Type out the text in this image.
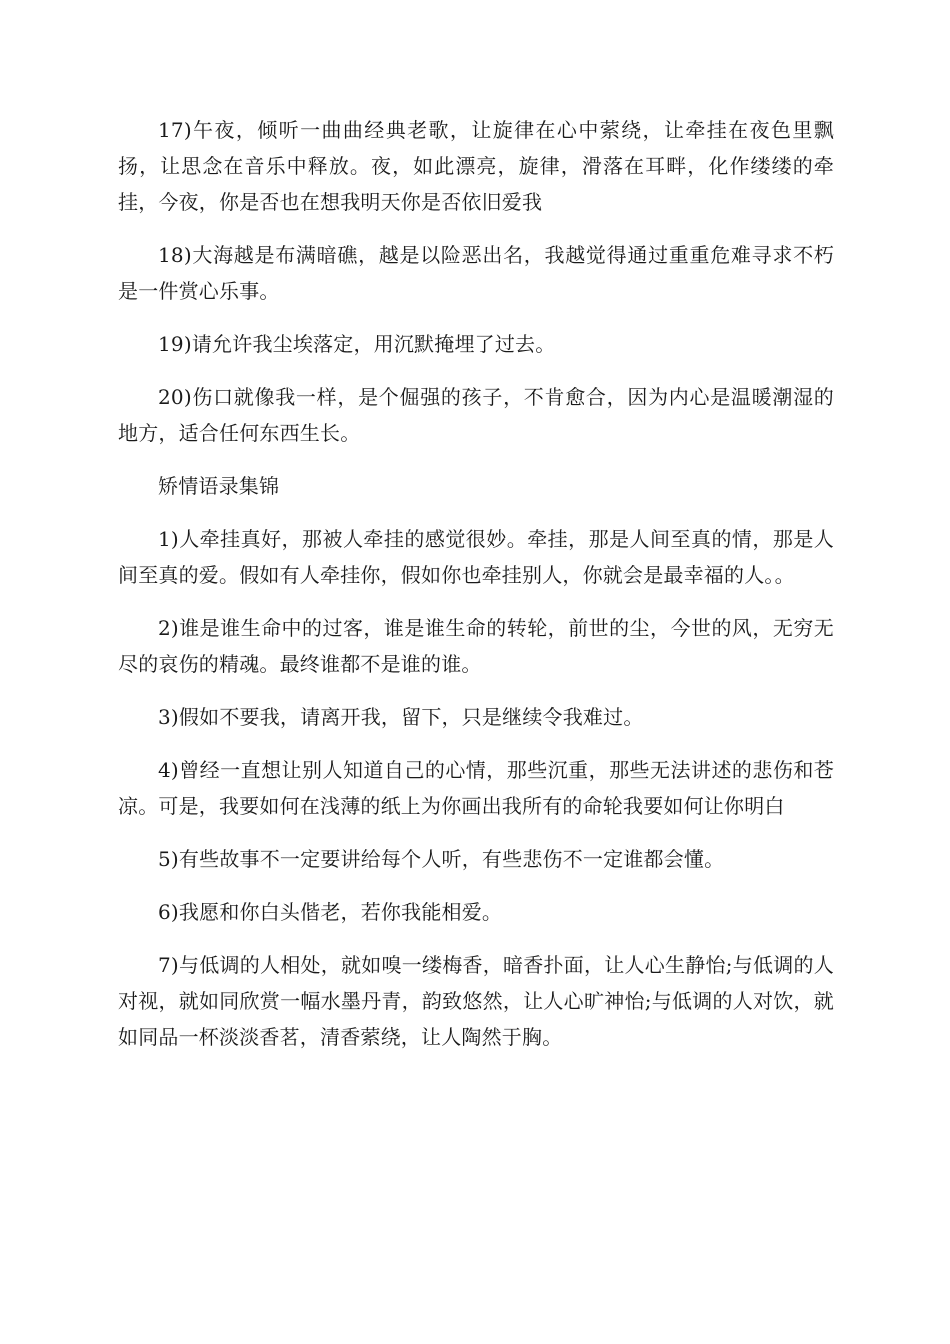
17)午夜，倾听一曲曲经典老歌，让旋律在心中萦绕，让牵挂在夜色里飘扬，让思念在音乐中释放。夜，如此漂亮，旋律，滑落在耳畔，化作缕缕的牵挂，今夜，你是否也在想我明天你是否依旧爱我

18)大海越是布满暗礁，越是以险恶出名，我越觉得通过重重危难寻求不朽是一件赏心乐事。

19)请允许我尘埃落定，用沉默掩埋了过去。

20)伤口就像我一样，是个倔强的孩子，不肯愈合，因为内心是温暖潮湿的地方，适合任何东西生长。

矫情语录集锦

1)人牵挂真好，那被人牵挂的感觉很妙。牵挂，那是人间至真的情，那是人间至真的爱。假如有人牵挂你，假如你也牵挂别人，你就会是最幸福的人。。

2)谁是谁生命中的过客，谁是谁生命的转轮，前世的尘，今世的风，无穷无尽的哀伤的精魂。最终谁都不是谁的谁。

3)假如不要我，请离开我，留下，只是继续令我难过。

4)曾经一直想让别人知道自己的心情，那些沉重，那些无法讲述的悲伤和苍凉。可是，我要如何在浅薄的纸上为你画出我所有的命轮我要如何让你明白

5)有些故事不一定要讲给每个人听，有些悲伤不一定谁都会懂。

6)我愿和你白头偕老，若你我能相爱。

7)与低调的人相处，就如嗅一缕梅香，暗香扑面，让人心生静怡;与低调的人对视，就如同欣赏一幅水墨丹青，韵致悠然，让人心旷神怡;与低调的人对饮，就如同品一杯淡淡香茗，清香萦绕，让人陶然于胸。
